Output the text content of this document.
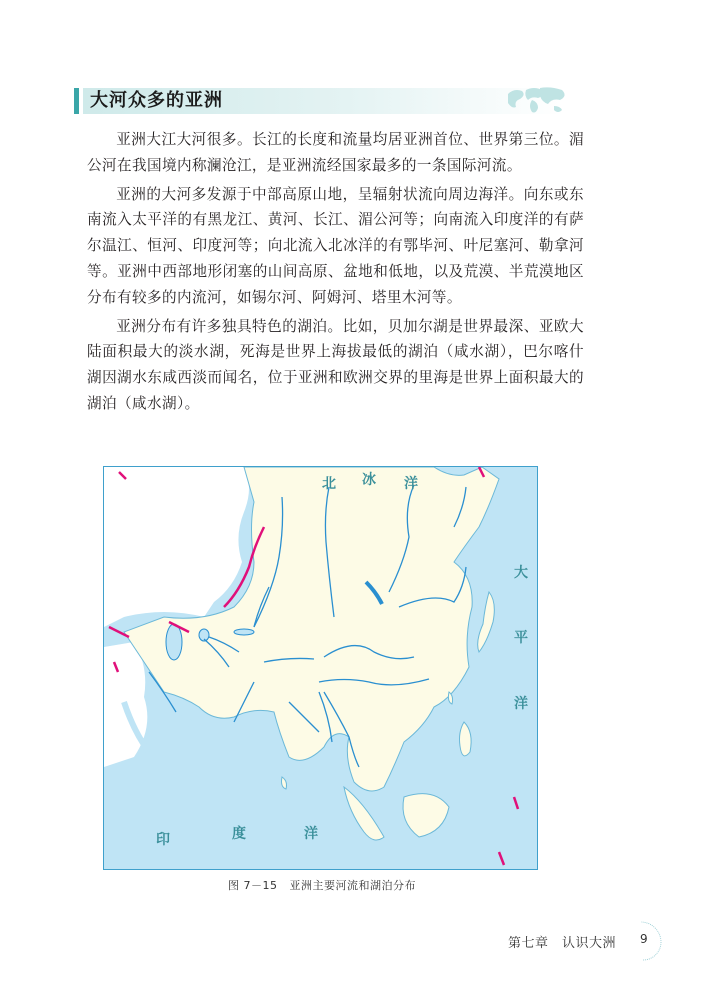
大河众多的亚洲

亚洲大江大河很多。长江的长度和流量均居亚洲首位、世界第三位。湄公河在我国境内称澜沧江，是亚洲流经国家最多的一条国际河流。

亚洲的大河多发源于中部高原山地，呈辐射状流向周边海洋。向东或东南流入太平洋的有黑龙江、黄河、长江、湄公河等；向南流入印度洋的有萨尔温江、恒河、印度河等；向北流入北冰洋的有鄂毕河、叶尼塞河、勒拿河等。亚洲中西部地形闭塞的山间高原、盆地和低地，以及荒漠、半荒漠地区分布有较多的内流河，如锡尔河、阿姆河、塔里木河等。

亚洲分布有许多独具特色的湖泊。比如，贝加尔湖是世界最深、亚欧大陆面积最大的淡水湖，死海是世界上海拔最低的湖泊（咸水湖），巴尔喀什湖因湖水东咸西淡而闻名，位于亚洲和欧洲交界的里海是世界上面积最大的湖泊（咸水湖）。

北 冰 洋
大
平
洋
印	度	洋
图 7－15 亚洲主要河流和湖泊分布
第七章　认识大洲 9
